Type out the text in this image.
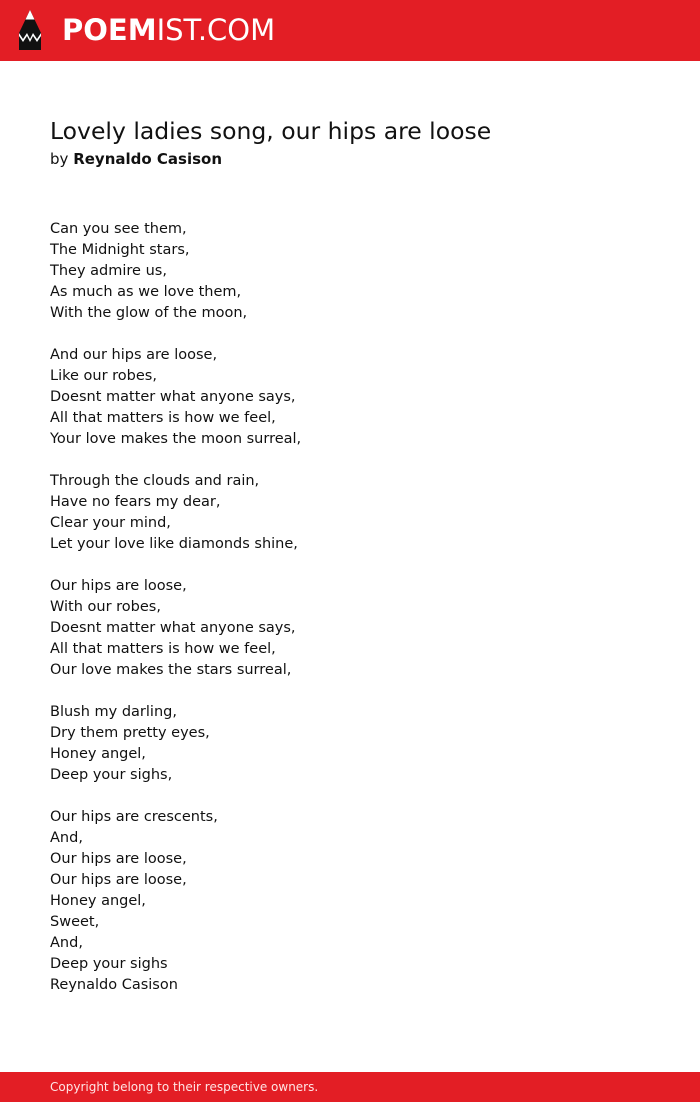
POEMIST.COM
Lovely ladies song, our hips are loose
by Reynaldo Casison
Can you see them,
The Midnight stars,
They admire us,
As much as we love them,
With the glow of the moon,
And our hips are loose,
Like our robes,
Doesnt matter what anyone says,
All that matters is how we feel,
Your love makes the moon surreal,
Through the clouds and rain,
Have no fears my dear,
Clear your mind,
Let your love like diamonds shine,
Our hips are loose,
With our robes,
Doesnt matter what anyone says,
All that matters is how we feel,
Our love makes the stars surreal,
Blush my darling,
Dry them pretty eyes,
Honey angel,
Deep your sighs,
Our hips are crescents,
And,
Our hips are loose,
Our hips are loose,
Honey angel,
Sweet,
And,
Deep your sighs
Reynaldo Casison
Copyright belong to their respective owners.
